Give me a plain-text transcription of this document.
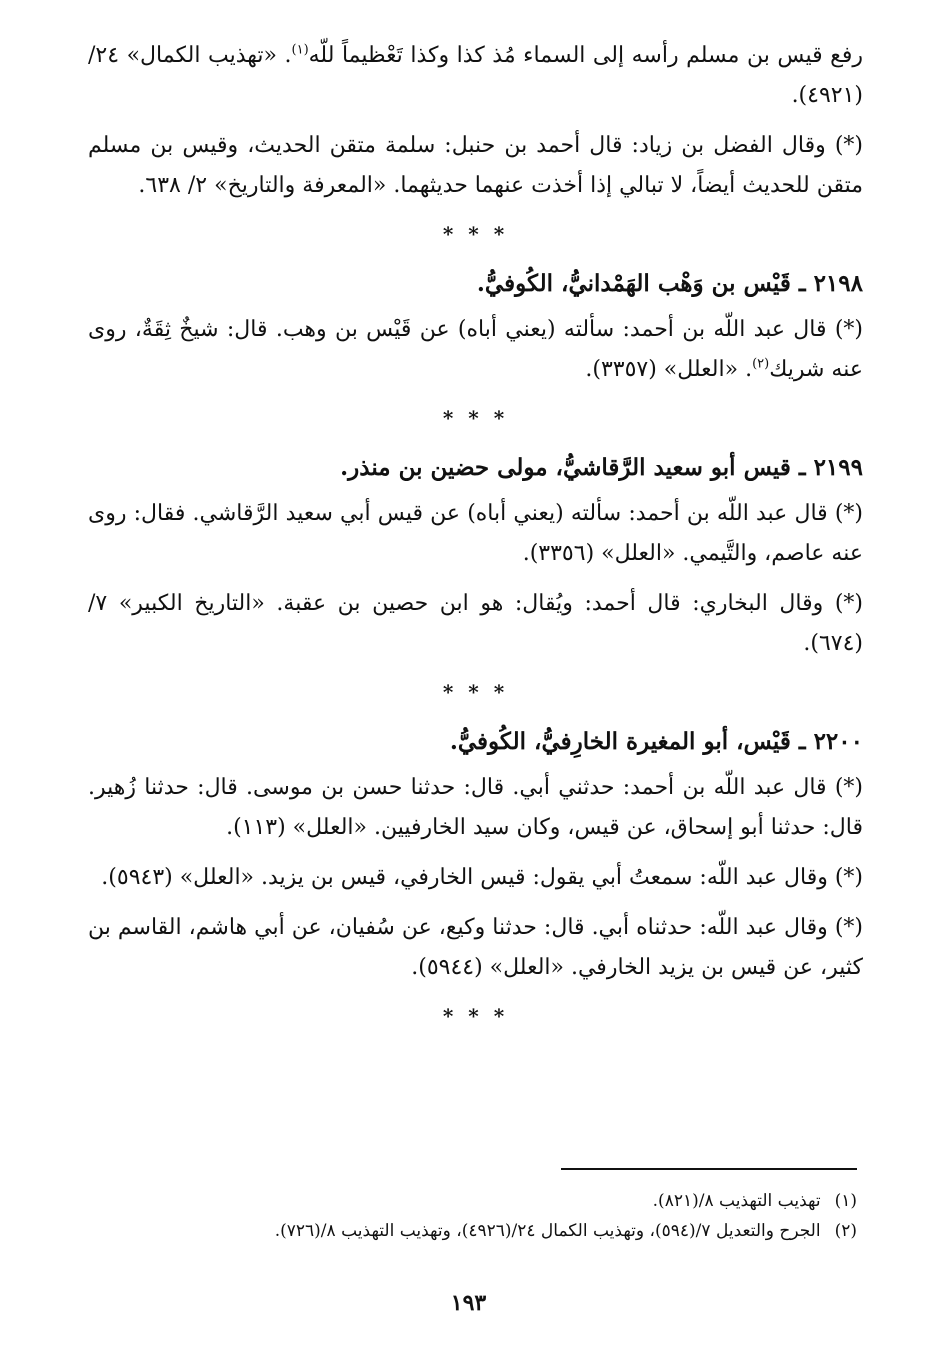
رفع قيس بن مسلم رأسه إلى السماء مُذ كذا وكذا تَعْظيماً للّه$^{(١)}$. «تهذيب الكمال» ٢٤/ (٤٩٢١).

(*) وقال الفضل بن زياد: قال أحمد بن حنبل: سلمة متقن الحديث، وقيس بن مسلم متقن للحديث أيضاً، لا تبالي إذا أخذت عنهما حديثهما. «المعرفة والتاريخ» ٢/ ٦٣٨.

* * *
٢١٩٨ ـ قَيْس بن وَهْب الهَمْدانيُّ، الكُوفيُّ.

(*) قال عبد اللّه بن أحمد: سألته (يعني أباه) عن قَيْس بن وهب. قال: شيخٌ ثِقَةٌ، روى عنه شريك$^{(٢)}$. «العلل» (٣٣٥٧).

* * *
٢١٩٩ ـ قيس أبو سعيد الرَّقاشيُّ، مولى حضين بن منذر.

(*) قال عبد اللّه بن أحمد: سألته (يعني أباه) عن قيس أبي سعيد الرَّقاشي. فقال: روى عنه عاصم، والتَّيمي. «العلل» (٣٣٥٦).

(*) وقال البخاري: قال أحمد: ويُقال: هو ابن حصين بن عقبة. «التاريخ الكبير» ٧/ (٦٧٤).

* * *
٢٢٠٠ ـ قَيْس، أبو المغيرة الخارِفيُّ، الكُوفيُّ.

(*) قال عبد اللّه بن أحمد: حدثني أبي. قال: حدثنا حسن بن موسى. قال: حدثنا زُهير. قال: حدثنا أبو إسحاق، عن قيس، وكان سيد الخارفيين. «العلل» (١١٣).

(*) وقال عبد اللّه: سمعتُ أبي يقول: قيس الخارفي، قيس بن يزيد. «العلل» (٥٩٤٣).

(*) وقال عبد اللّه: حدثناه أبي. قال: حدثنا وكيع، عن سُفيان، عن أبي هاشم، القاسم بن كثير، عن قيس بن يزيد الخارفي. «العلل» (٥٩٤٤).

* * *
(١)
تهذيب التهذيب ٨/(٨٢١).
(٢)
الجرح والتعديل ٧/(٥٩٤)، وتهذيب الكمال ٢٤/(٤٩٢٦)، وتهذيب التهذيب ٨/(٧٢٦).
١٩٣
